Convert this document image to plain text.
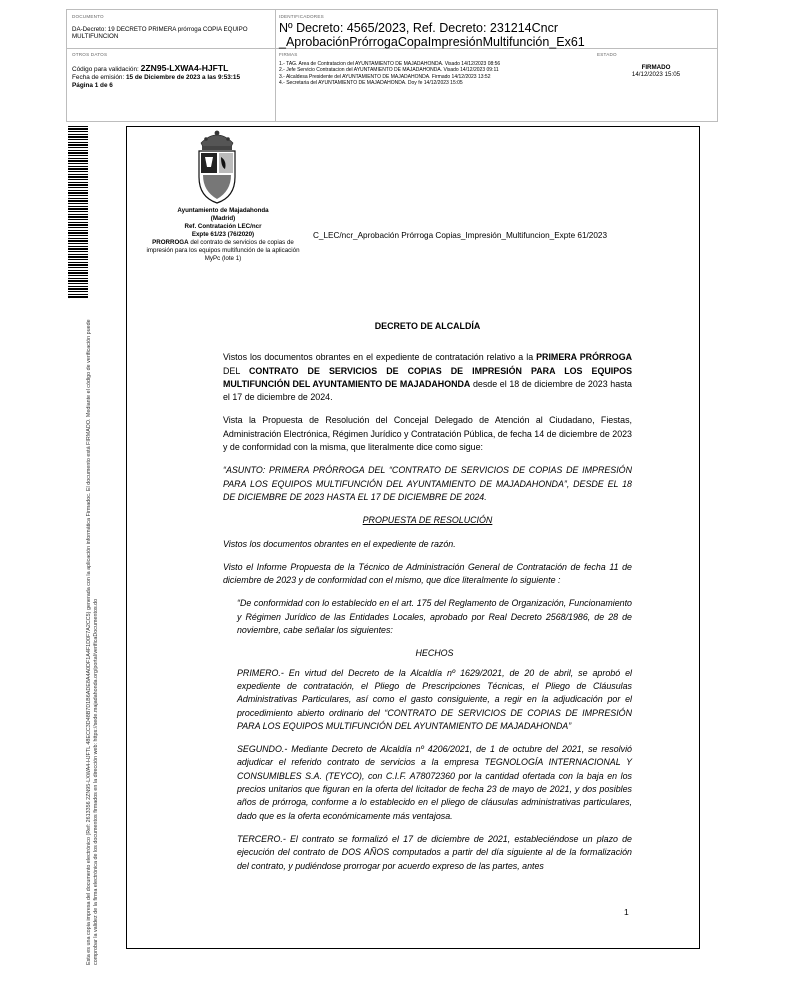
DOCUMENTO
DA-Decreto: 19 DECRETO PRIMERA prórroga COPIA EQUIPO MULTIFUNCION
IDENTIFICADORES
Nº Decreto: 4565/2023, Ref. Decreto: 231214Cncr _AprobaciónPrórrogaCopaImpresiónMultifunción_Ex61
OTROS DATOS
Código para validación: 2ZN95-LXWA4-HJFTL
Fecha de emisión: 15 de Diciembre de 2023 a las 9:53:15
Página 1 de 6
FIRMAS
1.- TAG. Area de Contratacion del AYUNTAMIENTO DE MAJADAHONDA. Visado 14/12/2023 08:56
2.- Jefe Servicio Contratacion del AYUNTAMIENTO DE MAJADAHONDA. Visado 14/12/2023 09:11
3.- Alcaldesa Presidente del AYUNTAMIENTO DE MAJADAHONDA. Firmado 14/12/2023 13:52
4.- Secretaria del AYUNTAMIENTO DE MAJADAHONDA. Doy fe 14/12/2023 15:05
ESTADO
FIRMADO
14/12/2023 15:05
Esta es una copia impresa del documento electrónico (Ref: 2613356 2ZN95-LXWA4-HJFTL 48ECC3D48B7D1B6ADE8A4A0DF1A4F1D0F7A2CC5) generada con la aplicación informática Firmadoc. El documento está FIRMADO. Mediante el código de verificación puede comprobar la validez de la firma electrónica de los documentos firmados en la dirección web: https://sede.majadahonda.org/portal/verificaDocumentos.do
Ayuntamiento de Majadahonda
(Madrid)
Ref. Contratación LEC/ncr
Expte 61/23 (76/2020)
PRORROGA del contrato de servicios de copias de impresión para los equipos multifunción de la aplicación MyPc (lote 1)
C_LEC/ncr_Aprobación Prórroga Copias_Impresión_Multifuncion_Expte 61/2023

DECRETO DE ALCALDÍA

Vistos los documentos obrantes en el expediente de contratación relativo a la PRIMERA PRÓRROGA DEL CONTRATO DE SERVICIOS DE COPIAS DE IMPRESIÓN PARA LOS EQUIPOS MULTIFUNCIÓN DEL AYUNTAMIENTO DE MAJADAHONDA desde el 18 de diciembre de 2023 hasta el 17 de diciembre de 2024.

Vista la Propuesta de Resolución del Concejal Delegado de Atención al Ciudadano, Fiestas, Administración Electrónica, Régimen Jurídico y Contratación Pública, de fecha 14 de diciembre de 2023 y de conformidad con la misma, que literalmente dice como sigue:

“ASUNTO: PRIMERA PRÓRROGA DEL “CONTRATO DE SERVICIOS DE COPIAS DE IMPRESIÓN PARA LOS EQUIPOS MULTIFUNCIÓN DEL AYUNTAMIENTO DE MAJADAHONDA”, DESDE EL 18 DE DICIEMBRE DE 2023 HASTA EL 17 DE DICIEMBRE DE 2024.

PROPUESTA DE RESOLUCIÓN

Vistos los documentos obrantes en el expediente de razón.

Visto el Informe Propuesta de la Técnico de Administración General de Contratación de fecha 11 de diciembre de 2023 y de conformidad con el mismo, que dice literalmente lo siguiente :

“De conformidad con lo establecido en el art. 175 del Reglamento de Organización, Funcionamiento y Régimen Jurídico de las Entidades Locales, aprobado por Real Decreto 2568/1986, de 28 de noviembre, cabe señalar los siguientes:

HECHOS

PRIMERO.- En virtud del Decreto de la Alcaldía nº 1629/2021, de 20 de abril, se aprobó el expediente de contratación, el Pliego de Prescripciones Técnicas, el Pliego de Cláusulas Administrativas Particulares, así como el gasto consiguiente, a regir en la adjudicación por el procedimiento abierto ordinario del “CONTRATO DE SERVICIOS DE COPIAS DE IMPRESIÓN PARA LOS EQUIPOS MULTIFUNCIÓN DEL AYUNTAMIENTO DE MAJADAHONDA”

SEGUNDO.- Mediante Decreto de Alcaldía nº 4206/2021, de 1 de octubre del 2021, se resolvió adjudicar el referido contrato de servicios a la empresa TEGNOLOGÍA INTERNACIONAL Y CONSUMIBLES S.A. (TEYCO), con C.I.F. A78072360 por la cantidad ofertada con la baja en los precios unitarios que figuran en la oferta del licitador de fecha 23 de mayo de 2021, y dos posibles años de prórroga, conforme a lo establecido en el pliego de cláusulas administrativas particulares, dado que es la oferta económicamente más ventajosa.

TERCERO.- El contrato se formalizó el 17 de diciembre de 2021, estableciéndose un plazo de ejecución del contrato de DOS AÑOS computados a partir del día siguiente al de la formalización del contrato, y pudiéndose prorrogar por acuerdo expreso de las partes, antes

1
